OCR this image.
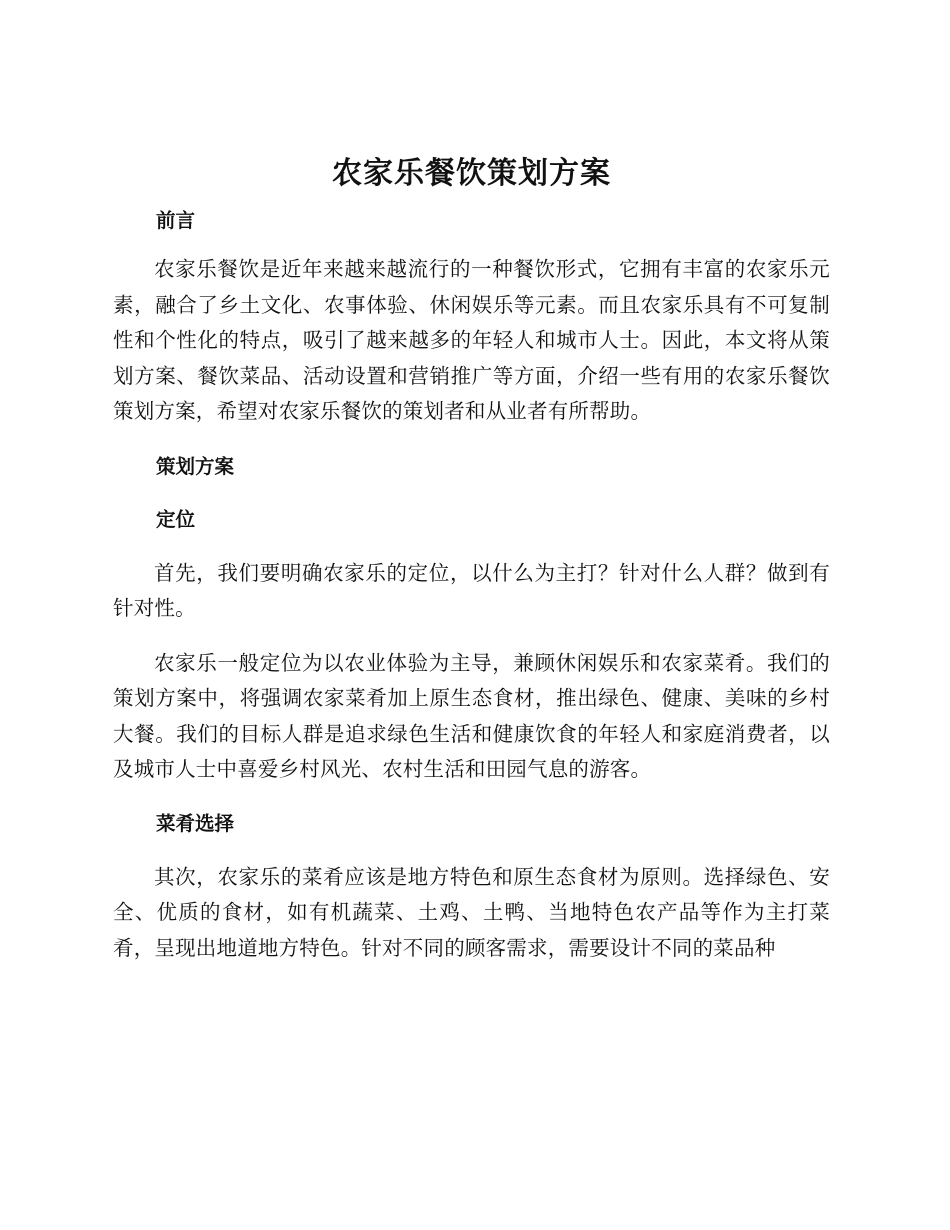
农家乐餐饮策划方案
前言

农家乐餐饮是近年来越来越流行的一种餐饮形式，它拥有丰富的农家乐元素，融合了乡土文化、农事体验、休闲娱乐等元素。而且农家乐具有不可复制性和个性化的特点，吸引了越来越多的年轻人和城市人士。因此，本文将从策划方案、餐饮菜品、活动设置和营销推广等方面，介绍一些有用的农家乐餐饮策划方案，希望对农家乐餐饮的策划者和从业者有所帮助。

策划方案
定位

首先，我们要明确农家乐的定位，以什么为主打？针对什么人群？做到有针对性。

农家乐一般定位为以农业体验为主导，兼顾休闲娱乐和农家菜肴。我们的策划方案中，将强调农家菜肴加上原生态食材，推出绿色、健康、美味的乡村大餐。我们的目标人群是追求绿色生活和健康饮食的年轻人和家庭消费者，以及城市人士中喜爱乡村风光、农村生活和田园气息的游客。

菜肴选择

其次，农家乐的菜肴应该是地方特色和原生态食材为原则。选择绿色、安全、优质的食材，如有机蔬菜、土鸡、土鸭、当地特色农产品等作为主打菜肴，呈现出地道地方特色。针对不同的顾客需求，需要设计不同的菜品种
